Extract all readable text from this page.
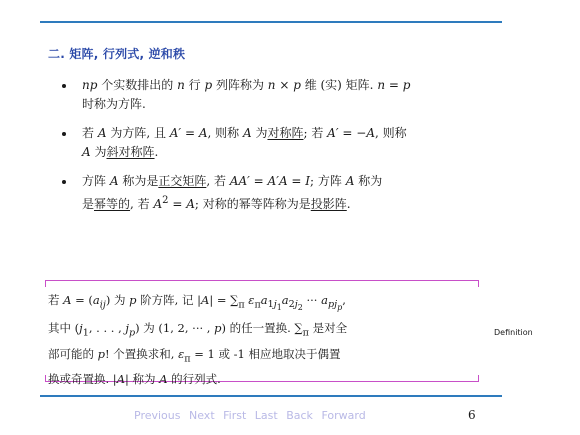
二. 矩阵, 行列式, 逆和秩
np 个实数排出的 n 行 p 列阵称为 n × p 维 (实) 矩阵. n = p
时称为方阵.
若 A 为方阵, 且 A′ = A, 则称 A 为对称阵; 若 A′ = −A, 则称
A 为斜对称阵.
方阵 A 称为是正交矩阵, 若 AA′ = A′A = I; 方阵 A 称为
是幂等的, 若 $A^2 = A$; 对称的幂等阵称为是投影阵.
若 $A = (a_{ij})$ 为 p 阶方阵, 记 $|A| = \sum_\pi$ $\varepsilon_\pi a_{1j_1}a_{2j_2}$ ··· $a_{pj_p}$,
其中 ($j_1$, . . . , $j_p$) 为 (1, 2, ··· , p) 的任一置换. $\sum_\pi$ 是对全
部可能的 p! 个置换求和, $\varepsilon_\pi = 1$ 或 -1 相应地取决于偶置
换或奇置换. |A| 称为 A 的行列式.
Definition
Previous Next First Last Back Forward	6
